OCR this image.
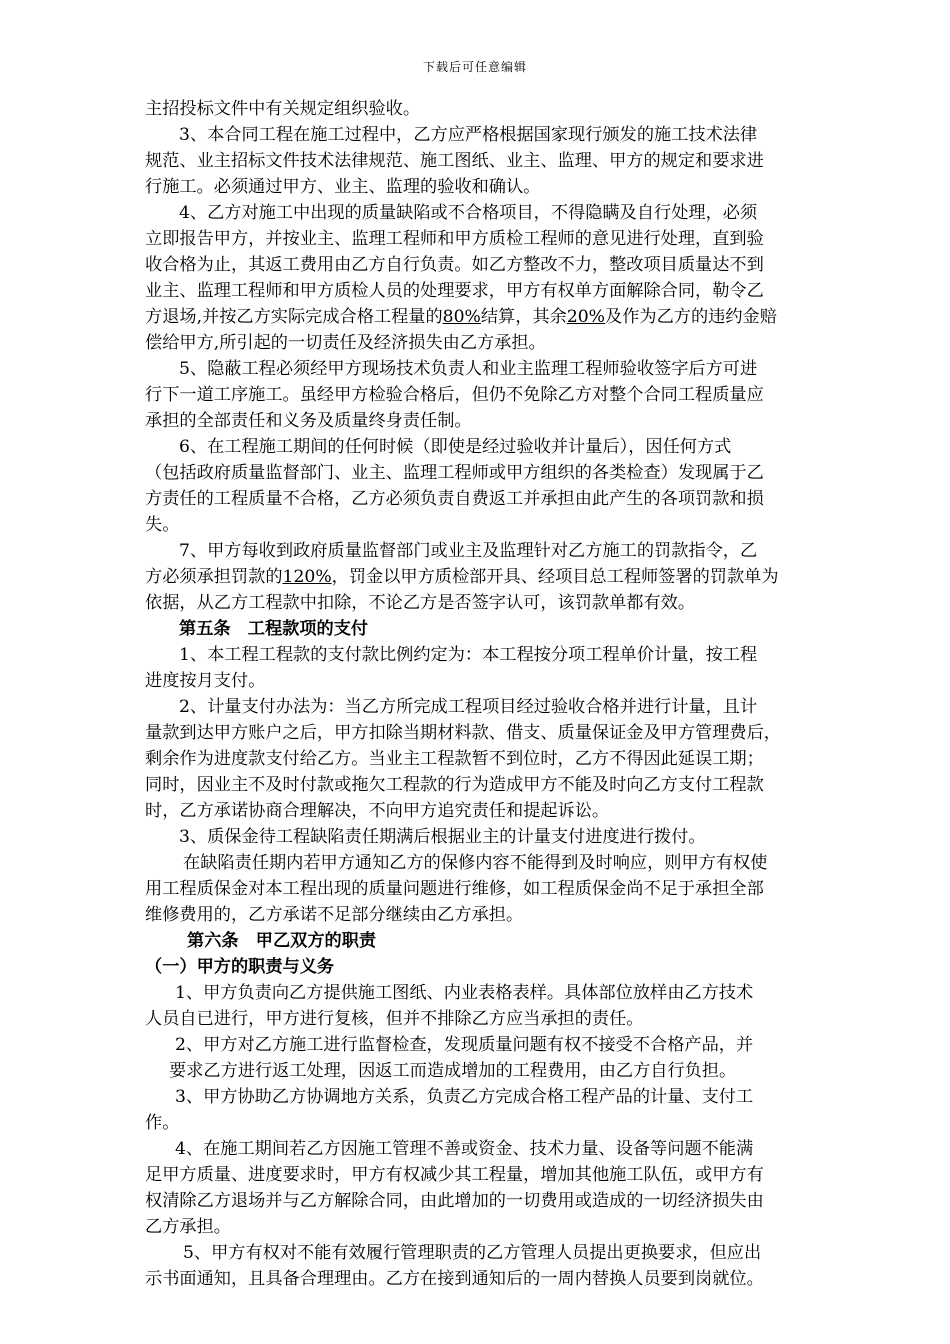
下载后可任意编辑
主招投标文件中有关规定组织验收。
3、本合同工程在施工过程中，乙方应严格根据国家现行颁发的施工技术法律
规范、业主招标文件技术法律规范、施工图纸、业主、监理、甲方的规定和要求进
行施工。必须通过甲方、业主、监理的验收和确认。
4、乙方对施工中出现的质量缺陷或不合格项目，不得隐瞒及自行处理，必须
立即报告甲方，并按业主、监理工程师和甲方质检工程师的意见进行处理，直到验
收合格为止，其返工费用由乙方自行负责。如乙方整改不力，整改项目质量达不到
业主、监理工程师和甲方质检人员的处理要求，甲方有权单方面解除合同，勒令乙
方退场,并按乙方实际完成合格工程量的80%结算，其余20%及作为乙方的违约金赔
偿给甲方,所引起的一切责任及经济损失由乙方承担。
5、隐蔽工程必须经甲方现场技术负责人和业主监理工程师验收签字后方可进
行下一道工序施工。虽经甲方检验合格后，但仍不免除乙方对整个合同工程质量应
承担的全部责任和义务及质量终身责任制。
6、在工程施工期间的任何时候（即使是经过验收并计量后），因任何方式
（包括政府质量监督部门、业主、监理工程师或甲方组织的各类检查）发现属于乙
方责任的工程质量不合格，乙方必须负责自费返工并承担由此产生的各项罚款和损
失。
7、甲方每收到政府质量监督部门或业主及监理针对乙方施工的罚款指令，乙
方必须承担罚款的120%，罚金以甲方质检部开具、经项目总工程师签署的罚款单为
依据，从乙方工程款中扣除，不论乙方是否签字认可，该罚款单都有效。
第五条　工程款项的支付
1、本工程工程款的支付款比例约定为：本工程按分项工程单价计量，按工程
进度按月支付。
2、计量支付办法为：当乙方所完成工程项目经过验收合格并进行计量，且计
量款到达甲方账户之后，甲方扣除当期材料款、借支、质量保证金及甲方管理费后，
剩余作为进度款支付给乙方。当业主工程款暂不到位时，乙方不得因此延误工期；
同时，因业主不及时付款或拖欠工程款的行为造成甲方不能及时向乙方支付工程款
时，乙方承诺协商合理解决，不向甲方追究责任和提起诉讼。
3、质保金待工程缺陷责任期满后根据业主的计量支付进度进行拨付。
在缺陷责任期内若甲方通知乙方的保修内容不能得到及时响应，则甲方有权使
用工程质保金对本工程出现的质量问题进行维修，如工程质保金尚不足于承担全部
维修费用的，乙方承诺不足部分继续由乙方承担。
第六条　甲乙双方的职责
（一）甲方的职责与义务
1、甲方负责向乙方提供施工图纸、内业表格表样。具体部位放样由乙方技术
人员自已进行，甲方进行复核，但并不排除乙方应当承担的责任。
2、甲方对乙方施工进行监督检查，发现质量问题有权不接受不合格产品，并
要求乙方进行返工处理，因返工而造成增加的工程费用，由乙方自行负担。
3、甲方协助乙方协调地方关系，负责乙方完成合格工程产品的计量、支付工
作。
4、在施工期间若乙方因施工管理不善或资金、技术力量、设备等问题不能满
足甲方质量、进度要求时，甲方有权减少其工程量，增加其他施工队伍，或甲方有
权清除乙方退场并与乙方解除合同，由此增加的一切费用或造成的一切经济损失由
乙方承担。
5、甲方有权对不能有效履行管理职责的乙方管理人员提出更换要求，但应出
示书面通知，且具备合理理由。乙方在接到通知后的一周内替换人员要到岗就位。
